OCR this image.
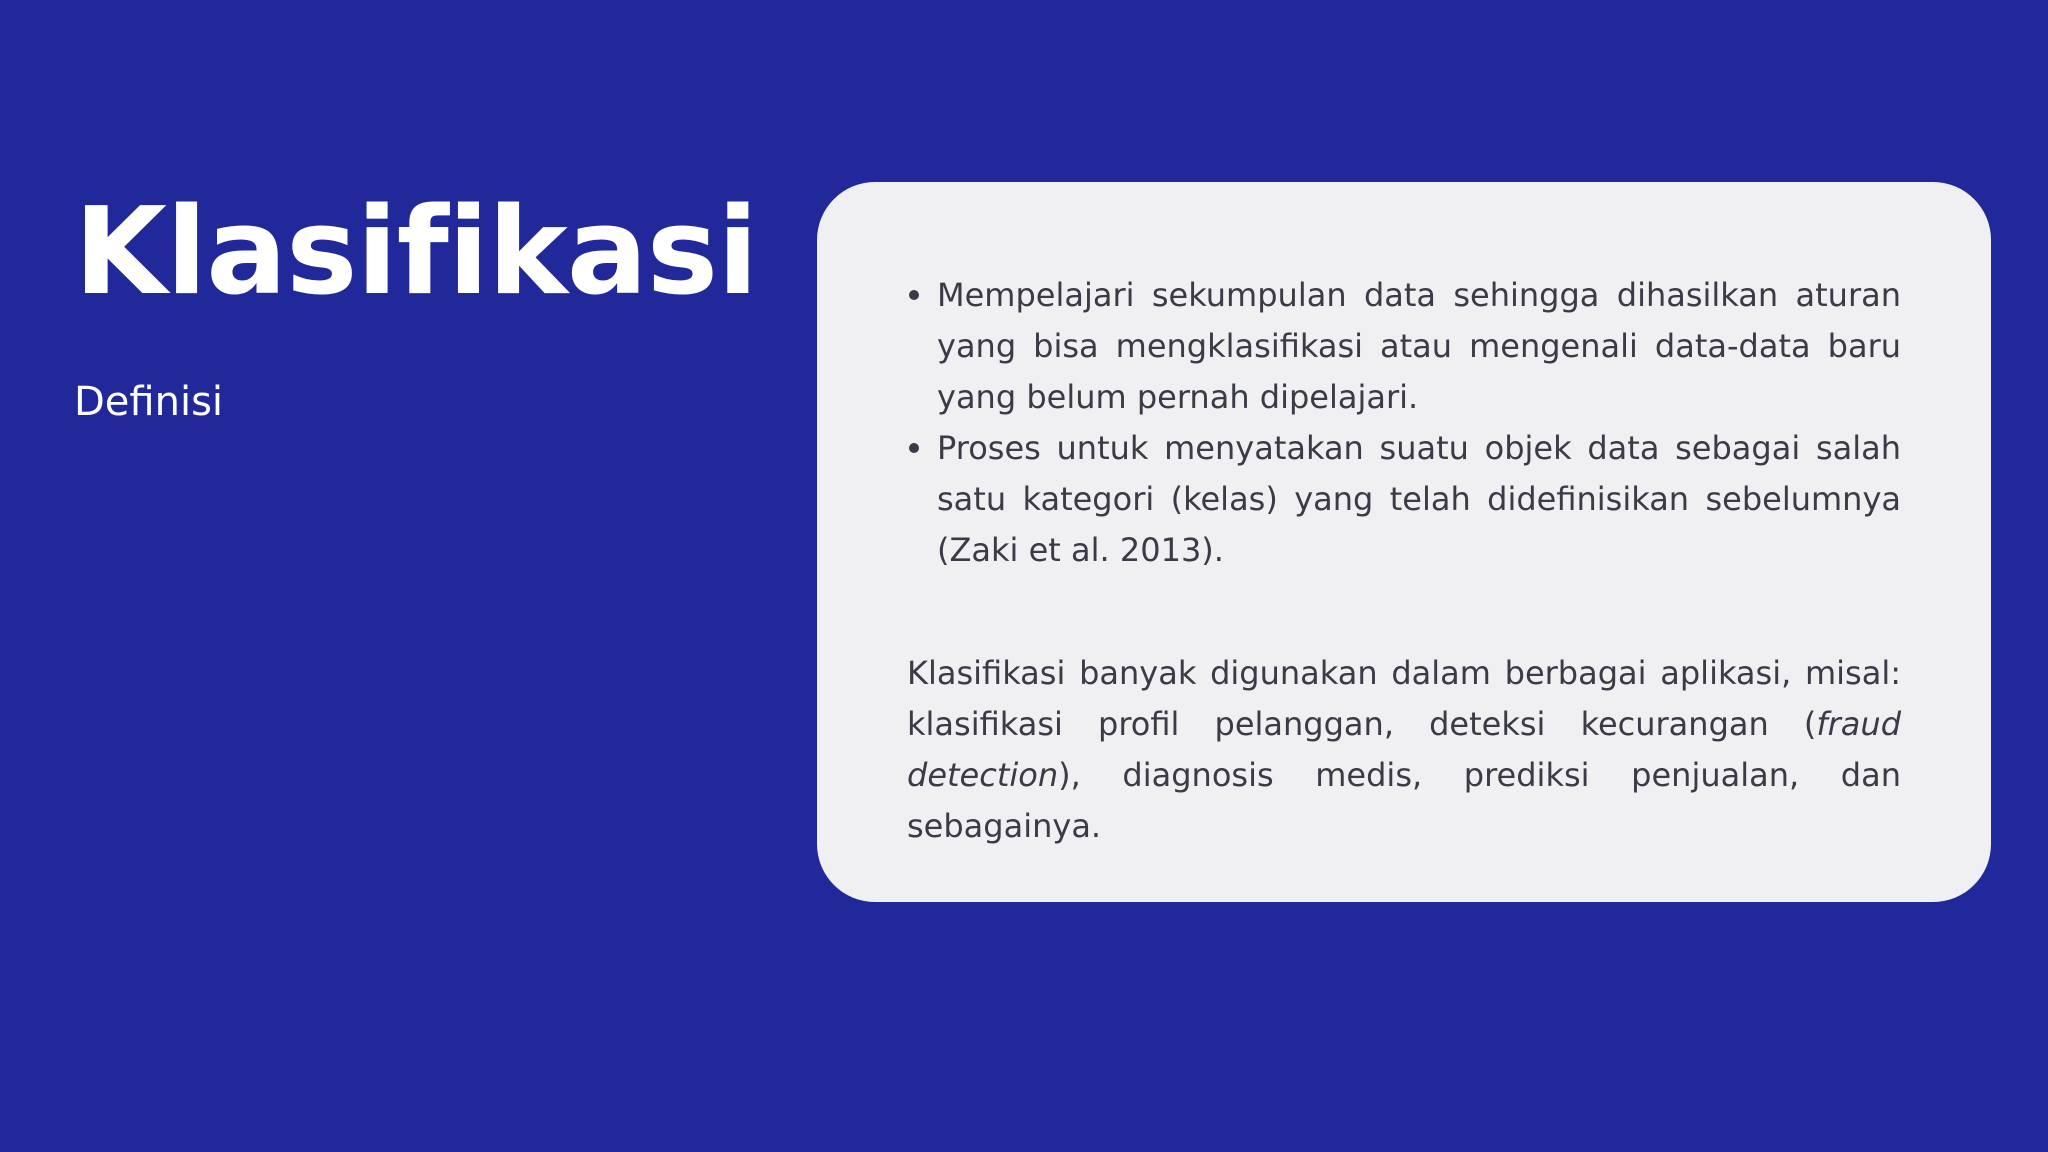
Klasifikasi
Definisi
Mempelajari sekumpulan data sehingga dihasilkan aturan yang bisa mengklasifikasi atau mengenali data-data baru yang belum pernah dipelajari.
Proses untuk menyatakan suatu objek data sebagai salah satu kategori (kelas) yang telah didefinisikan sebelumnya (Zaki et al. 2013).

Klasifikasi banyak digunakan dalam berbagai aplikasi, misal: klasifikasi profil pelanggan, deteksi kecurangan (fraud detection), diagnosis medis, prediksi penjualan, dan sebagainya.
